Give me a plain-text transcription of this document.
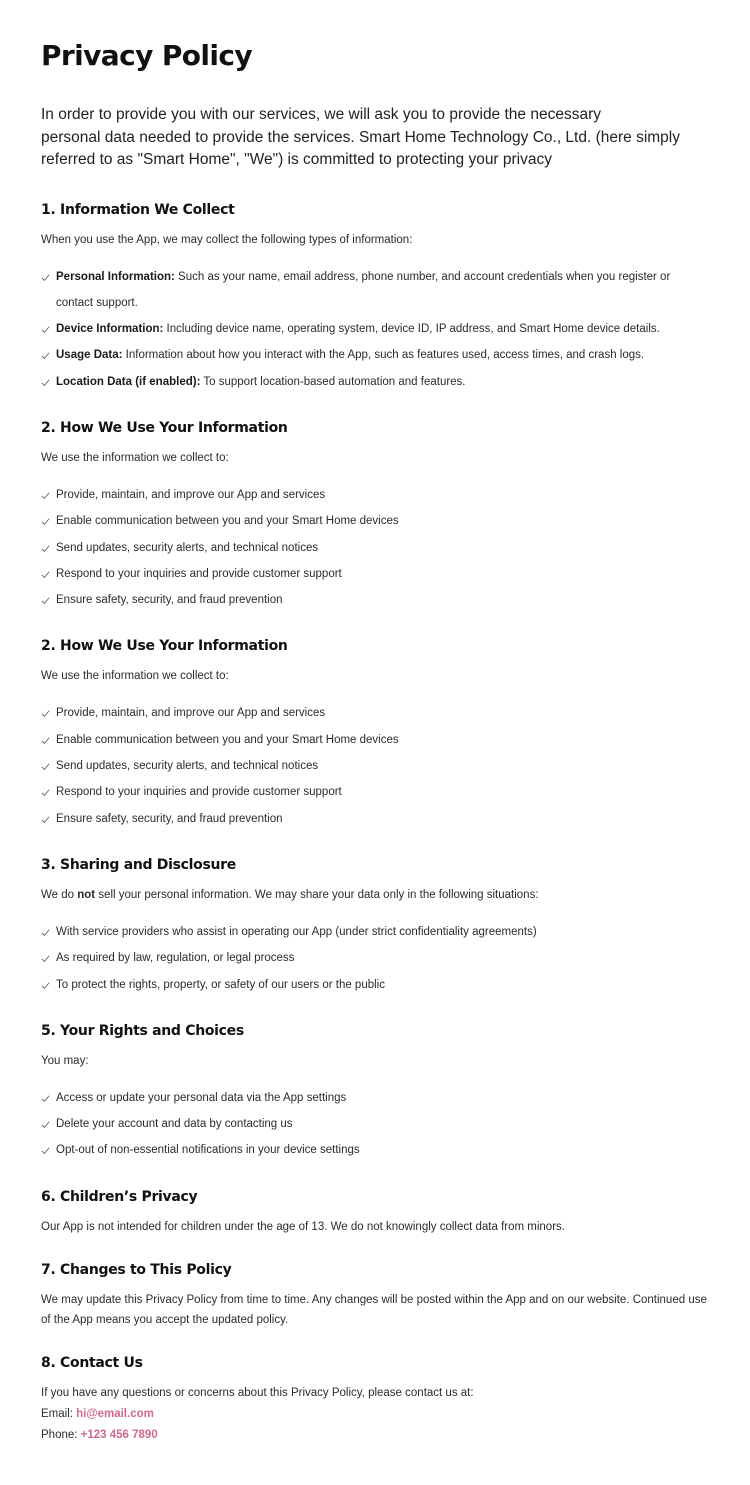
Privacy Policy
In order to provide you with our services, we will ask you to provide the necessary
personal data needed to provide the services. Smart Home Technology Co., Ltd. (here simply referred to as "Smart Home", "We") is committed to protecting your privacy
1. Information We Collect

When you use the App, we may collect the following types of information:

Personal Information: Such as your name, email address, phone number, and account credentials when you register or contact support.
Device Information: Including device name, operating system, device ID, IP address, and Smart Home device details.
Usage Data: Information about how you interact with the App, such as features used, access times, and crash logs.
Location Data (if enabled): To support location-based automation and features.
2. How We Use Your Information

We use the information we collect to:

Provide, maintain, and improve our App and services
Enable communication between you and your Smart Home devices
Send updates, security alerts, and technical notices
Respond to your inquiries and provide customer support
Ensure safety, security, and fraud prevention
2. How We Use Your Information

We use the information we collect to:

Provide, maintain, and improve our App and services
Enable communication between you and your Smart Home devices
Send updates, security alerts, and technical notices
Respond to your inquiries and provide customer support
Ensure safety, security, and fraud prevention
3. Sharing and Disclosure

We do not sell your personal information. We may share your data only in the following situations:

With service providers who assist in operating our App (under strict confidentiality agreements)
As required by law, regulation, or legal process
To protect the rights, property, or safety of our users or the public
5. Your Rights and Choices

You may:

Access or update your personal data via the App settings
Delete your account and data by contacting us
Opt-out of non-essential notifications in your device settings
6. Children’s Privacy

Our App is not intended for children under the age of 13. We do not knowingly collect data from minors.

7. Changes to This Policy

We may update this Privacy Policy from time to time. Any changes will be posted within the App and on our website. Continued use of the App means you accept the updated policy.

8. Contact Us

If you have any questions or concerns about this Privacy Policy, please contact us at:

Email: hi@email.com

Phone: +123 456 7890
